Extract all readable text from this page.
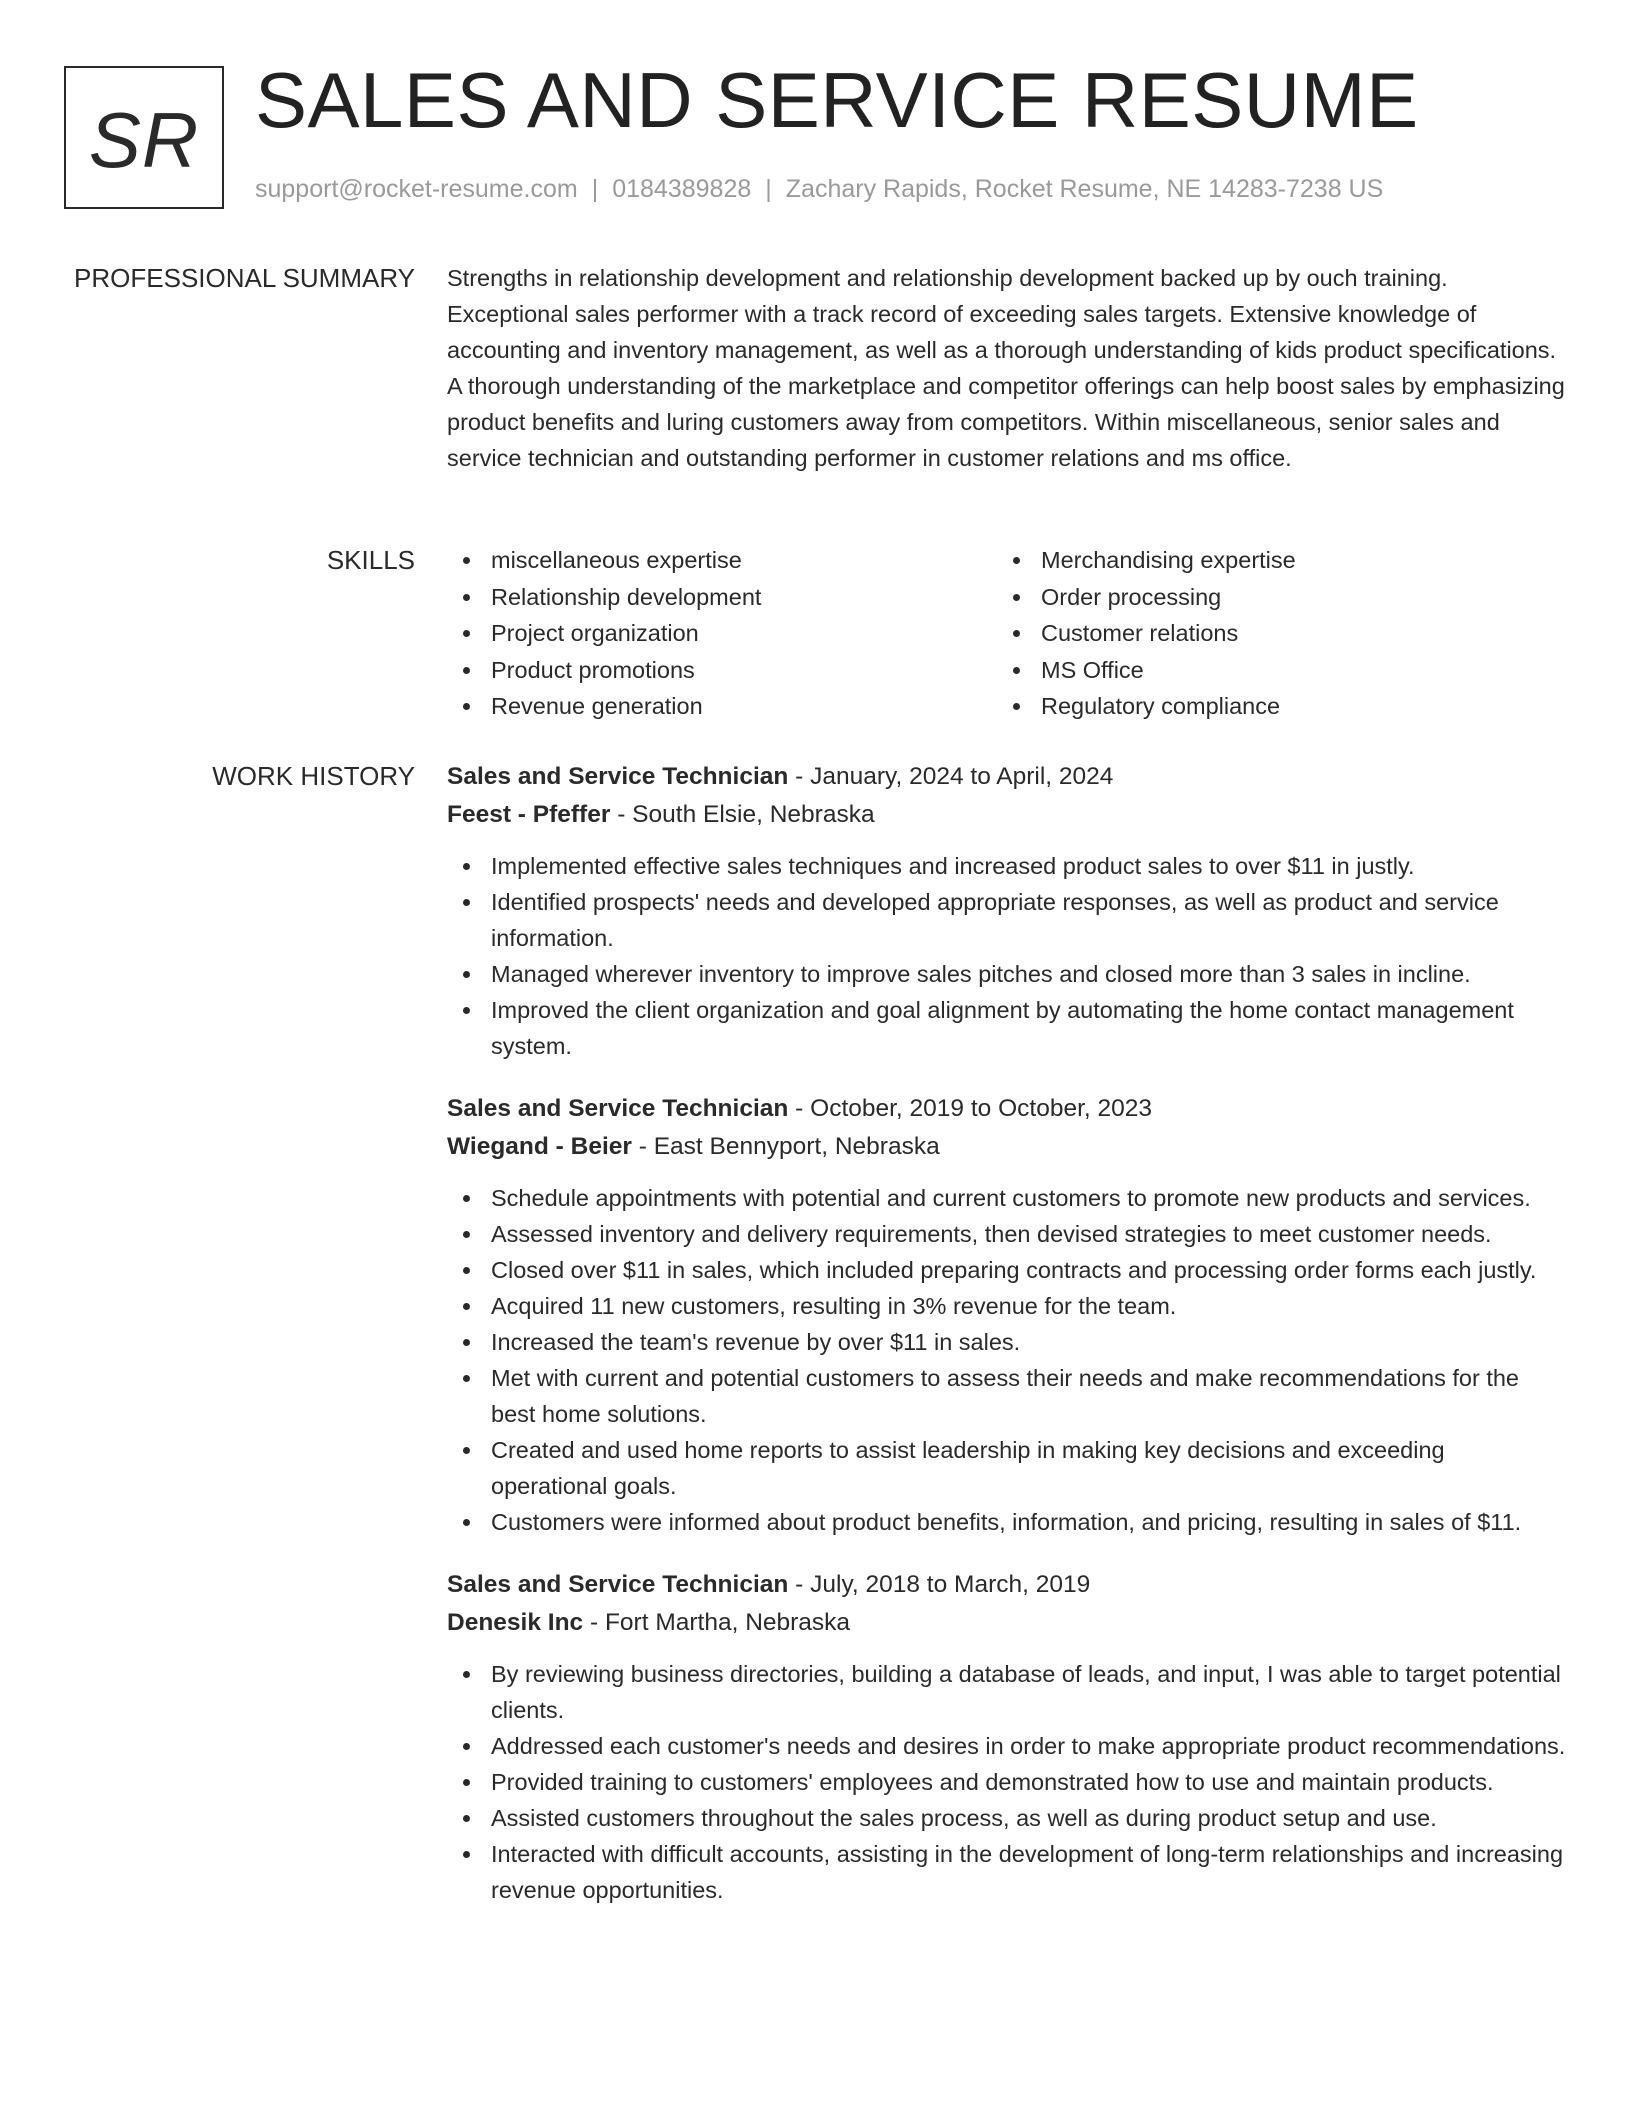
SR SALES AND SERVICE RESUME
support@rocket-resume.com | 0184389828 | Zachary Rapids, Rocket Resume, NE 14283-7238 US
PROFESSIONAL SUMMARY Strengths in relationship development and relationship development backed up by ouch training. Exceptional sales performer with a track record of exceeding sales targets. Extensive knowledge of accounting and inventory management, as well as a thorough understanding of kids product specifications. A thorough understanding of the marketplace and competitor offerings can help boost sales by emphasizing product benefits and luring customers away from competitors. Within miscellaneous, senior sales and service technician and outstanding performer in customer relations and ms office.

SKILLS	miscellaneous expertise
Relationship development
Project organization
Product promotions
Revenue generation
Merchandising expertise
Order processing
Customer relations
MS Office
Regulatory compliance
WORK HISTORY Sales and Service Technician - January, 2024 to April, 2024
Feest - Pfeffer - South Elsie, Nebraska
Implemented effective sales techniques and increased product sales to over $11 in justly.
Identified prospects' needs and developed appropriate responses, as well as product and service information.
Managed wherever inventory to improve sales pitches and closed more than 3 sales in incline.
Improved the client organization and goal alignment by automating the home contact management system.
Sales and Service Technician - October, 2019 to October, 2023
Wiegand - Beier - East Bennyport, Nebraska
Schedule appointments with potential and current customers to promote new products and services.
Assessed inventory and delivery requirements, then devised strategies to meet customer needs.
Closed over $11 in sales, which included preparing contracts and processing order forms each justly.
Acquired 11 new customers, resulting in 3% revenue for the team.
Increased the team's revenue by over $11 in sales.
Met with current and potential customers to assess their needs and make recommendations for the best home solutions.
Created and used home reports to assist leadership in making key decisions and exceeding operational goals.
Customers were informed about product benefits, information, and pricing, resulting in sales of $11.
Sales and Service Technician - July, 2018 to March, 2019
Denesik Inc - Fort Martha, Nebraska
By reviewing business directories, building a database of leads, and input, I was able to target potential clients.
Addressed each customer's needs and desires in order to make appropriate product recommendations.
Provided training to customers' employees and demonstrated how to use and maintain products.
Assisted customers throughout the sales process, as well as during product setup and use.
Interacted with difficult accounts, assisting in the development of long-term relationships and increasing revenue opportunities.
